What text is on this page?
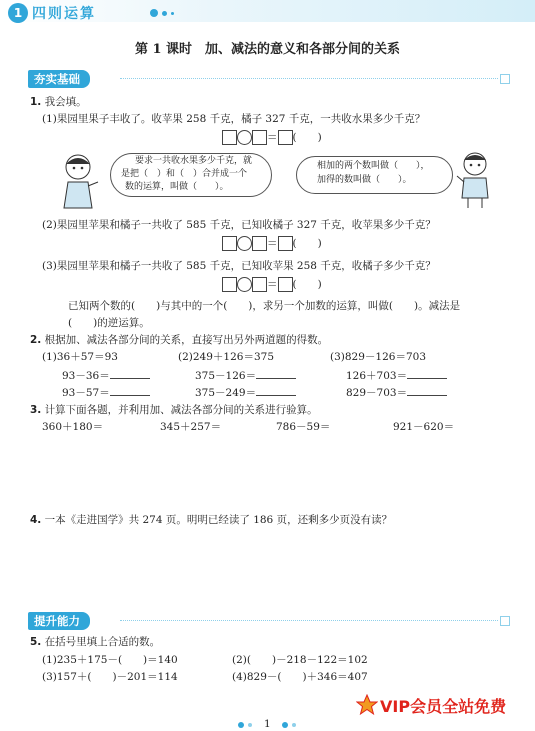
1 四则运算
第 1 课时　加、减法的意义和各部分间的关系
夯实基础
1. 我会填。
(1)果园里果子丰收了。收苹果 258 千克，橘子 327 千克，一共收水果多少千克？
＝ (　　)
要求一共收水果多少千克，就
是把（　）和（　）合并成一个
数的运算，叫做（　　）。
相加的两个数叫做（　　），
加得的数叫做（　　）。
(2)果园里苹果和橘子一共收了 585 千克，已知收橘子 327 千克，收苹果多少千克？
＝ (　　)
(3)果园里苹果和橘子一共收了 585 千克，已知收苹果 258 千克，收橘子多少千克？
＝ (　　)
已知两个数的(　　)与其中的一个(　　)，求另一个加数的运算，叫做(　　)。减法是
(　　)的逆运算。
2. 根据加、减法各部分间的关系，直接写出另外两道题的得数。
(1)36＋57＝93	(2)249＋126＝375	(3)829－126＝703
93－36＝	375－126＝	126＋703＝
93－57＝	375－249＝	829－703＝
3. 计算下面各题，并利用加、减法各部分间的关系进行验算。
360＋180＝	345＋257＝	786－59＝	921－620＝
4. 一本《走进国学》共 274 页。明明已经读了 186 页，还剩多少页没有读？
提升能力
5. 在括号里填上合适的数。
(1)235＋175－(　　)＝140	(2)(　　)－218－122＝102
(3)157＋(　　)－201＝114	(4)829－(　　)＋346＝407
VIP会员全站免费
1
